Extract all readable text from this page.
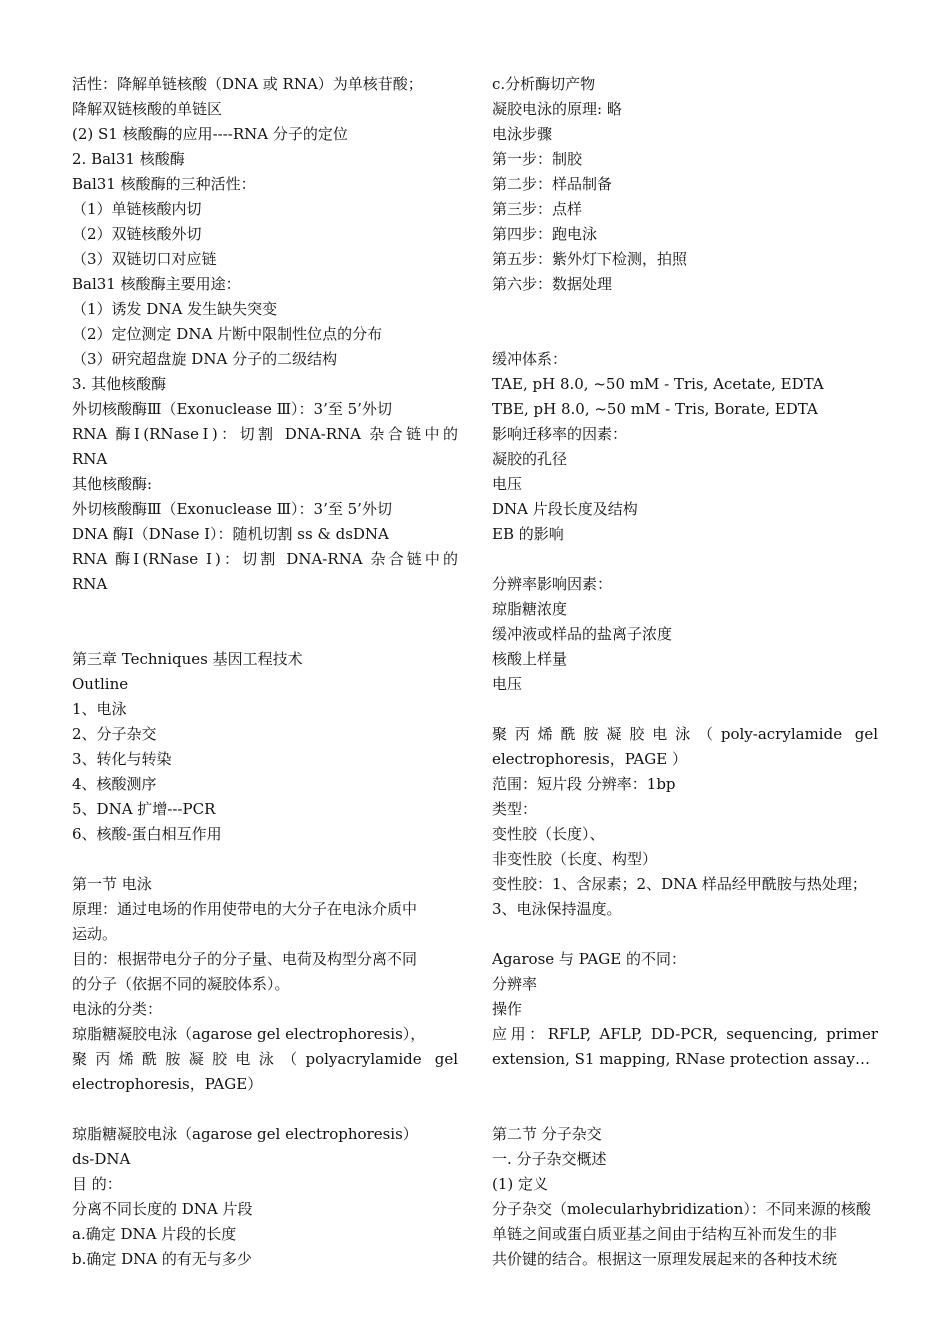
活性：降解单链核酸（DNA 或 RNA）为单核苷酸；
降解双链核酸的单链区
(2) S1 核酸酶的应用----RNA 分子的定位
2. Bal31 核酸酶
Bal31 核酸酶的三种活性：
（1）单链核酸内切
（2）双链核酸外切
（3）双链切口对应链
Bal31 核酸酶主要用途：
（1）诱发 DNA 发生缺失突变
（2）定位测定 DNA 片断中限制性位点的分布
（3）研究超盘旋 DNA 分子的二级结构
3. 其他核酸酶
外切核酸酶Ⅲ（Exonuclease Ⅲ）：3’至 5’外切
RNA 酶Ⅰ(RNaseⅠ)：切割 DNA-RNA 杂合链中的
RNA
其他核酸酶:
外切核酸酶Ⅲ（Exonuclease Ⅲ）：3’至 5’外切
DNA 酶Ⅰ（DNase Ⅰ）：随机切割 ss & dsDNA
RNA 酶Ⅰ(RNase Ⅰ)：切割 DNA-RNA 杂合链中的
RNA
第三章 Techniques 基因工程技术
Outline
1、电泳
2、分子杂交
3、转化与转染
4、核酸测序
5、DNA 扩增---PCR
6、核酸-蛋白相互作用
第一节 电泳
原理：通过电场的作用使带电的大分子在电泳介质中
运动。
目的：根据带电分子的分子量、电荷及构型分离不同
的分子（依据不同的凝胶体系）。
电泳的分类：
琼脂糖凝胶电泳（agarose gel electrophoresis），
聚丙烯酰胺凝胶电泳（polyacrylamide gel
electrophoresis，PAGE）
琼脂糖凝胶电泳（agarose gel electrophoresis）
ds-DNA
目 的：
分离不同长度的 DNA 片段
a.确定 DNA 片段的长度
b.确定 DNA 的有无与多少
c.分析酶切产物
凝胶电泳的原理: 略
电泳步骤
第一步：制胶
第二步：样品制备
第三步：点样
第四步：跑电泳
第五步：紫外灯下检测，拍照
第六步：数据处理
缓冲体系：
TAE, pH 8.0, ~50 mM - Tris, Acetate, EDTA
TBE, pH 8.0, ~50 mM - Tris, Borate, EDTA
影响迁移率的因素：
凝胶的孔径
电压
DNA 片段长度及结构
EB 的影响
分辨率影响因素：
琼脂糖浓度
缓冲液或样品的盐离子浓度
核酸上样量
电压
聚丙烯酰胺凝胶电泳（poly-acrylamide gel
electrophoresis，PAGE ）
范围：短片段 分辨率：1bp
类型：
变性胶（长度）、
非变性胶（长度、构型）
变性胶：1、含尿素；2、DNA 样品经甲酰胺与热处理；
3、电泳保持温度。
Agarose 与 PAGE 的不同：
分辨率
操作
应用：RFLP, AFLP, DD-PCR, sequencing, primer
extension, S1 mapping, RNase protection assay…
第二节 分子杂交
一. 分子杂交概述
(1) 定义
分子杂交（molecularhybridization）：不同来源的核酸
单链之间或蛋白质亚基之间由于结构互补而发生的非
共价键的结合。根据这一原理发展起来的各种技术统
